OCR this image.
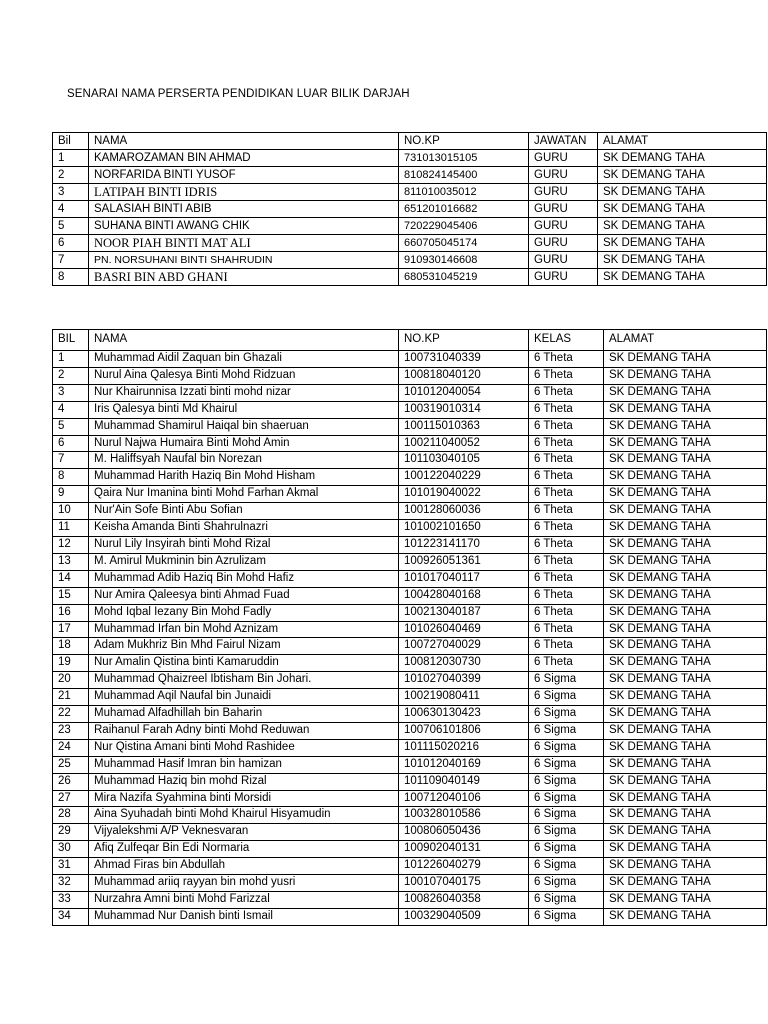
SENARAI NAMA PERSERTA PENDIDIKAN LUAR BILIK DARJAH
Bil	NAMA	NO.KP	JAWATAN	ALAMAT
1	KAMAROZAMAN BIN AHMAD	731013015105	GURU	SK DEMANG TAHA
2	NORFARIDA BINTI YUSOF	810824145400	GURU	SK DEMANG TAHA
3	LATIPAH BINTI IDRIS	811010035012	GURU	SK DEMANG TAHA
4	SALASIAH BINTI ABIB	651201016682	GURU	SK DEMANG TAHA
5	SUHANA BINTI AWANG CHIK	720229045406	GURU	SK DEMANG TAHA
6	NOOR PIAH BINTI MAT ALI	660705045174	GURU	SK DEMANG TAHA
7	PN. NORSUHANI BINTI SHAHRUDIN	910930146608	GURU	SK DEMANG TAHA
8	BASRI BIN ABD GHANI	680531045219	GURU	SK DEMANG TAHA
BIL	NAMA	NO.KP	KELAS	ALAMAT
1	Muhammad Aidil Zaquan bin Ghazali	100731040339	6 Theta	SK DEMANG TAHA
2	Nurul Aina Qalesya Binti Mohd Ridzuan	100818040120	6 Theta	SK DEMANG TAHA
3	Nur Khairunnisa Izzati binti mohd nizar	101012040054	6 Theta	SK DEMANG TAHA
4	Iris Qalesya binti Md Khairul	100319010314	6 Theta	SK DEMANG TAHA
5	Muhammad Shamirul Haiqal bin shaeruan	100115010363	6 Theta	SK DEMANG TAHA
6	Nurul Najwa Humaira Binti Mohd Amin	100211040052	6 Theta	SK DEMANG TAHA
7	M. Haliffsyah Naufal bin Norezan	101103040105	6 Theta	SK DEMANG TAHA
8	Muhammad Harith Haziq Bin Mohd Hisham	100122040229	6 Theta	SK DEMANG TAHA
9	Qaira Nur Imanina binti Mohd Farhan Akmal	101019040022	6 Theta	SK DEMANG TAHA
10	Nur'Ain Sofe Binti Abu Sofian	100128060036	6 Theta	SK DEMANG TAHA
11	Keisha Amanda Binti Shahrulnazri	101002101650	6 Theta	SK DEMANG TAHA
12	Nurul Lily Insyirah binti Mohd Rizal	101223141170	6 Theta	SK DEMANG TAHA
13	M. Amirul Mukminin bin Azrulizam	100926051361	6 Theta	SK DEMANG TAHA
14	Muhammad Adib Haziq Bin Mohd Hafiz	101017040117	6 Theta	SK DEMANG TAHA
15	Nur Amira Qaleesya binti Ahmad Fuad	100428040168	6 Theta	SK DEMANG TAHA
16	Mohd Iqbal Iezany Bin Mohd Fadly	100213040187	6 Theta	SK DEMANG TAHA
17	Muhammad Irfan bin Mohd Aznizam	101026040469	6 Theta	SK DEMANG TAHA
18	Adam Mukhriz Bin Mhd Fairul Nizam	100727040029	6 Theta	SK DEMANG TAHA
19	Nur Amalin Qistina binti Kamaruddin	100812030730	6 Theta	SK DEMANG TAHA
20	Muhammad Qhaizreel Ibtisham Bin Johari.	101027040399	6 Sigma	SK DEMANG TAHA
21	Muhammad Aqil Naufal bin Junaidi	100219080411	6 Sigma	SK DEMANG TAHA
22	Muhamad Alfadhillah bin Baharin	100630130423	6 Sigma	SK DEMANG TAHA
23	Raihanul Farah Adny binti Mohd Reduwan	100706101806	6 Sigma	SK DEMANG TAHA
24	Nur Qistina Amani binti Mohd Rashidee	101115020216	6 Sigma	SK DEMANG TAHA
25	Muhammad Hasif Imran bin hamizan	101012040169	6 Sigma	SK DEMANG TAHA
26	Muhammad Haziq bin mohd Rizal	101109040149	6 Sigma	SK DEMANG TAHA
27	Mira Nazifa Syahmina binti Morsidi	100712040106	6 Sigma	SK DEMANG TAHA
28	Aina Syuhadah binti Mohd Khairul Hisyamudin	100328010586	6 Sigma	SK DEMANG TAHA
29	Vijyalekshmi A/P Veknesvaran	100806050436	6 Sigma	SK DEMANG TAHA
30	Afiq Zulfeqar Bin Edi Normaria	100902040131	6 Sigma	SK DEMANG TAHA
31	Ahmad Firas bin Abdullah	101226040279	6 Sigma	SK DEMANG TAHA
32	Muhammad ariiq rayyan bin mohd yusri	100107040175	6 Sigma	SK DEMANG TAHA
33	Nurzahra Amni binti Mohd Farizzal	100826040358	6 Sigma	SK DEMANG TAHA
34	Muhammad Nur Danish binti Ismail	100329040509	6 Sigma	SK DEMANG TAHA
